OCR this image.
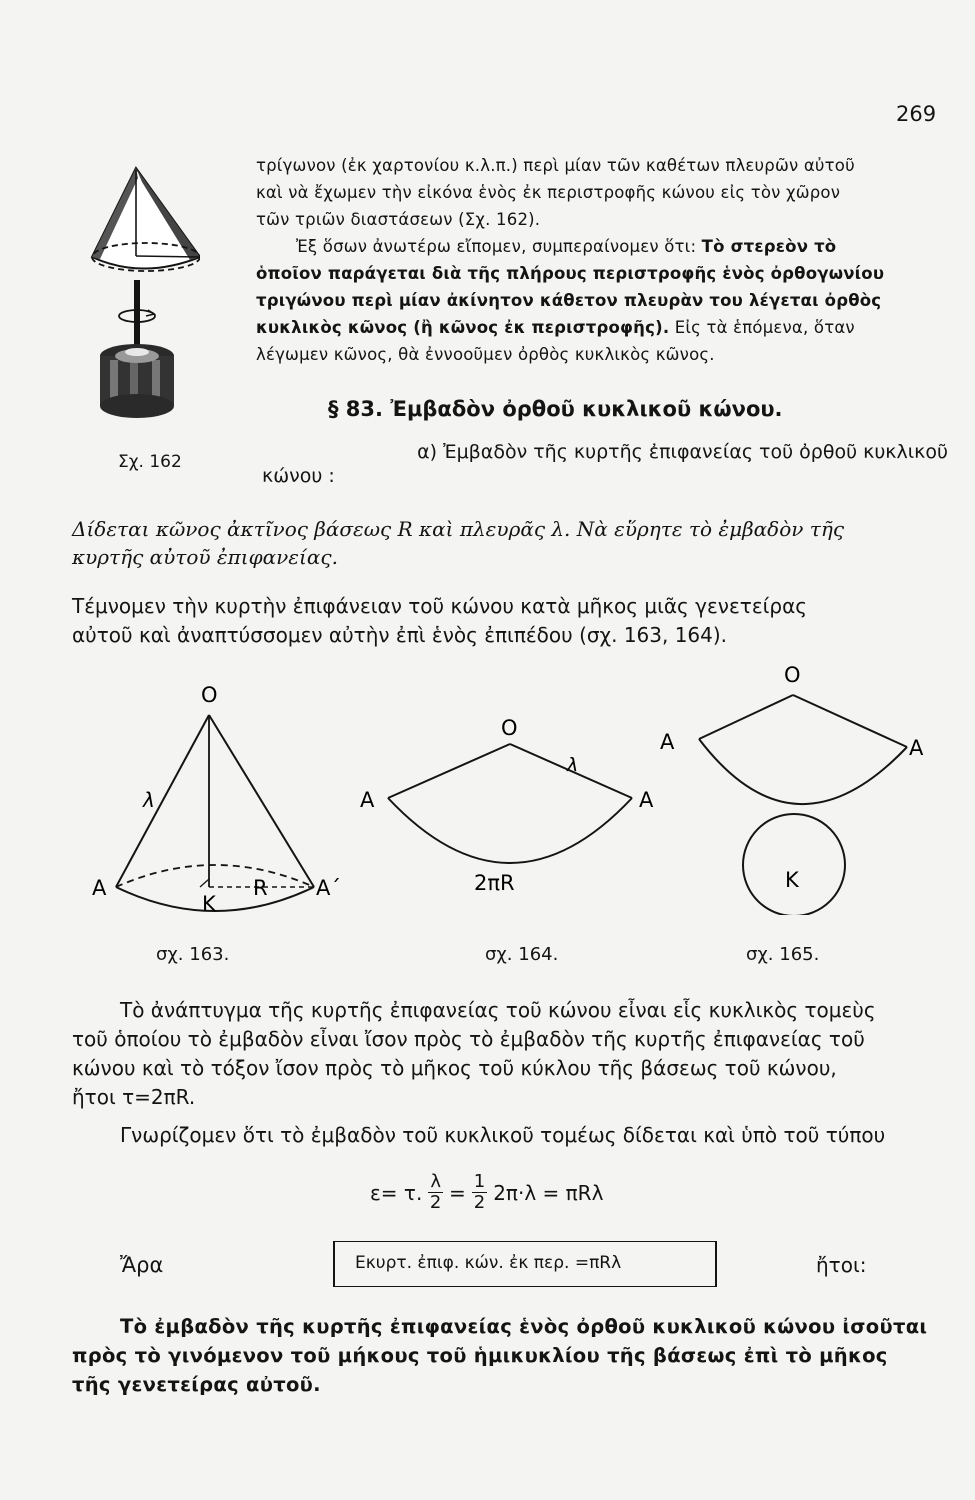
269
τρίγωνον (ἐκ χαρτονίου κ.λ.π.) περὶ μίαν τῶν καθέτων πλευρῶν αὐτοῦ
καὶ νὰ ἔχωμεν τὴν εἰκόνα ἑνὸς ἐκ περιστροφῆς κώνου εἰς τὸν χῶρον
τῶν τριῶν διαστάσεων (Σχ. 162).
Ἐξ ὅσων ἀνωτέρω εἴπομεν, συμπεραίνομεν ὅτι: Τὸ στερεὸν τὸ
ὁποῖον παράγεται διὰ τῆς πλήρους περιστροφῆς ἑνὸς ὀρθογωνίου
τριγώνου περὶ μίαν ἀκίνητον κάθετον πλευρὰν του λέγεται ὀρθὸς
κυκλικὸς κῶνος (ἢ κῶνος ἐκ περιστροφῆς). Εἰς τὰ ἑπόμενα, ὅταν
λέγωμεν κῶνος, θὰ ἐννοοῦμεν ὀρθὸς κυκλικὸς κῶνος.
§ 83. Ἐμβαδὸν ὀρθοῦ κυκλικοῦ κώνου.
α) Ἐμβαδὸν τῆς κυρτῆς ἐπιφανείας τοῦ ὀρθοῦ κυκλικοῦ
Σχ. 162
κώνου :
Δίδεται κῶνος ἀκτῖνος βάσεως R καὶ πλευρᾶς λ. Νὰ εὕρητε τὸ ἐμβαδὸν τῆς
κυρτῆς αὐτοῦ ἐπιφανείας.
Τέμνομεν τὴν κυρτὴν ἐπιφάνειαν τοῦ κώνου κατὰ μῆκος μιᾶς γενετείρας
αὐτοῦ καὶ ἀναπτύσσομεν αὐτὴν ἐπὶ ἑνὸς ἐπιπέδου (σχ. 163, 164).
O
λ
A
K
R A΄
O
A	A
λ
2πR
O
A	A
K
σχ. 163.	σχ. 164.	σχ. 165.
Τὸ ἀνάπτυγμα τῆς κυρτῆς ἐπιφανείας τοῦ κώνου εἶναι εἷς κυκλικὸς τομεὺς
τοῦ ὁποίου τὸ ἐμβαδὸν εἶναι ἴσον πρὸς τὸ ἐμβαδὸν τῆς κυρτῆς ἐπιφανείας τοῦ
κώνου καὶ τὸ τόξον ἴσον πρὸς τὸ μῆκος τοῦ κύκλου τῆς βάσεως τοῦ κώνου,
ἤτοι τ=2πR.
Γνωρίζομεν ὅτι τὸ ἐμβαδὸν τοῦ κυκλικοῦ τομέως δίδεται καὶ ὑπὸ τοῦ τύπου
ε= τ. $\frac{\lambda}{2} = \frac{1}{2} 2\pi\cdot\lambda = \pi R\lambda$
Ἄρα	Εκυρτ. ἐπιφ. κών. ἐκ περ. =πRλ	ἤτοι:
Τὸ ἐμβαδὸν τῆς κυρτῆς ἐπιφανείας ἑνὸς ὀρθοῦ κυκλικοῦ κώνου ἰσοῦται
πρὸς τὸ γινόμενον τοῦ μήκους τοῦ ἡμικυκλίου τῆς βάσεως ἐπὶ τὸ μῆκος
τῆς γενετείρας αὐτοῦ.
